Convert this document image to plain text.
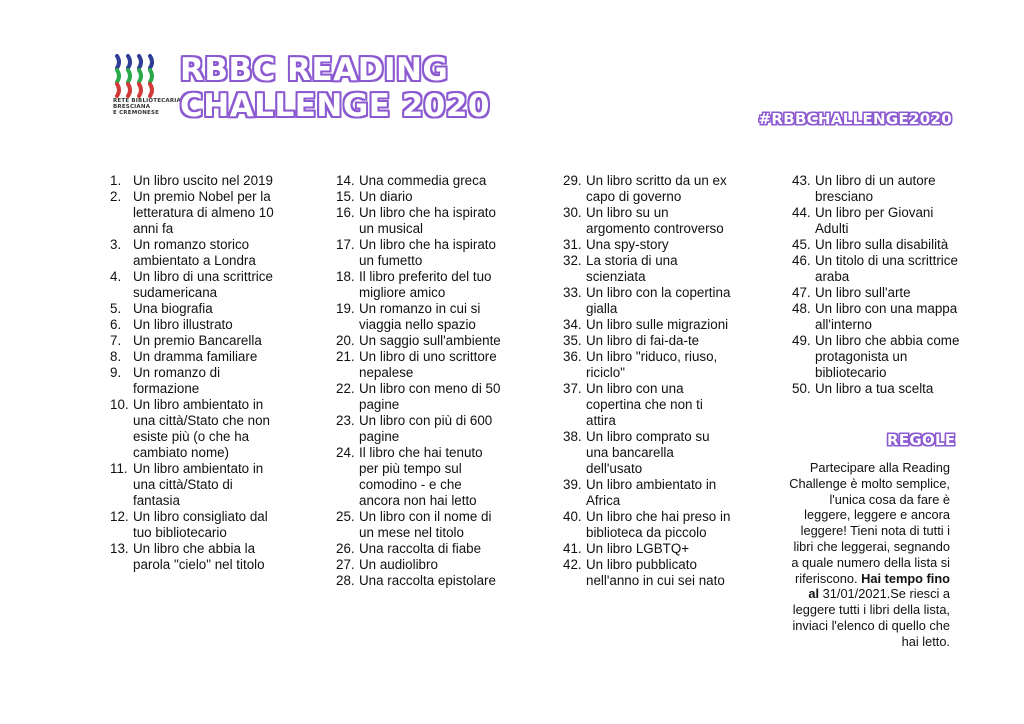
RETE BIBLIOTECARIA
BRESCIANA
E CREMONESE
RBBC READING
CHALLENGE 2020	#RBBCHALLENGE2020
1. Un libro uscito nel 2019
2. Un premio Nobel per la letteratura di almeno 10 anni fa
3. Un romanzo storico ambientato a Londra
4. Un libro di una scrittrice sudamericana
5. Una biografia
6. Un libro illustrato
7. Un premio Bancarella
8. Un dramma familiare
9. Un romanzo di formazione
10. Un libro ambientato in una città/Stato che non esiste più (o che ha cambiato nome)
11. Un libro ambientato in una città/Stato di fantasia
12. Un libro consigliato dal tuo bibliotecario
13. Un libro che abbia la parola "cielo" nel titolo
14. Una commedia greca
15. Un diario
16. Un libro che ha ispirato un musical
17. Un libro che ha ispirato un fumetto
18. Il libro preferito del tuo migliore amico
19. Un romanzo in cui si viaggia nello spazio
20. Un saggio sull'ambiente
21. Un libro di uno scrittore nepalese
22. Un libro con meno di 50 pagine
23. Un libro con più di 600 pagine
24. Il libro che hai tenuto per più tempo sul comodino - e che ancora non hai letto
25. Un libro con il nome di un mese nel titolo
26. Una raccolta di fiabe
27. Un audiolibro
28. Una raccolta epistolare
29. Un libro scritto da un ex capo di governo
30. Un libro su un argomento controverso
31. Una spy-story
32. La storia di una scienziata
33. Un libro con la copertina gialla
34. Un libro sulle migrazioni
35. Un libro di fai-da-te
36. Un libro "riduco, riuso, riciclo"
37. Un libro con una copertina che non ti attira
38. Un libro comprato su una bancarella dell'usato
39. Un libro ambientato in Africa
40. Un libro che hai preso in biblioteca da piccolo
41. Un libro LGBTQ+
42. Un libro pubblicato nell'anno in cui sei nato
43. Un libro di un autore bresciano
44. Un libro per Giovani Adulti
45. Un libro sulla disabilità
46. Un titolo di una scrittrice araba
47. Un libro sull'arte
48. Un libro con una mappa all'interno
49. Un libro che abbia come protagonista un bibliotecario
50. Un libro a tua scelta
REGOLE
Partecipare alla Reading Challenge è molto semplice, l'unica cosa da fare è leggere, leggere e ancora leggere! Tieni nota di tutti i libri che leggerai, segnando a quale numero della lista si riferiscono. Hai tempo fino al 31/01/2021.Se riesci a leggere tutti i libri della lista, inviaci l'elenco di quello che hai letto.
